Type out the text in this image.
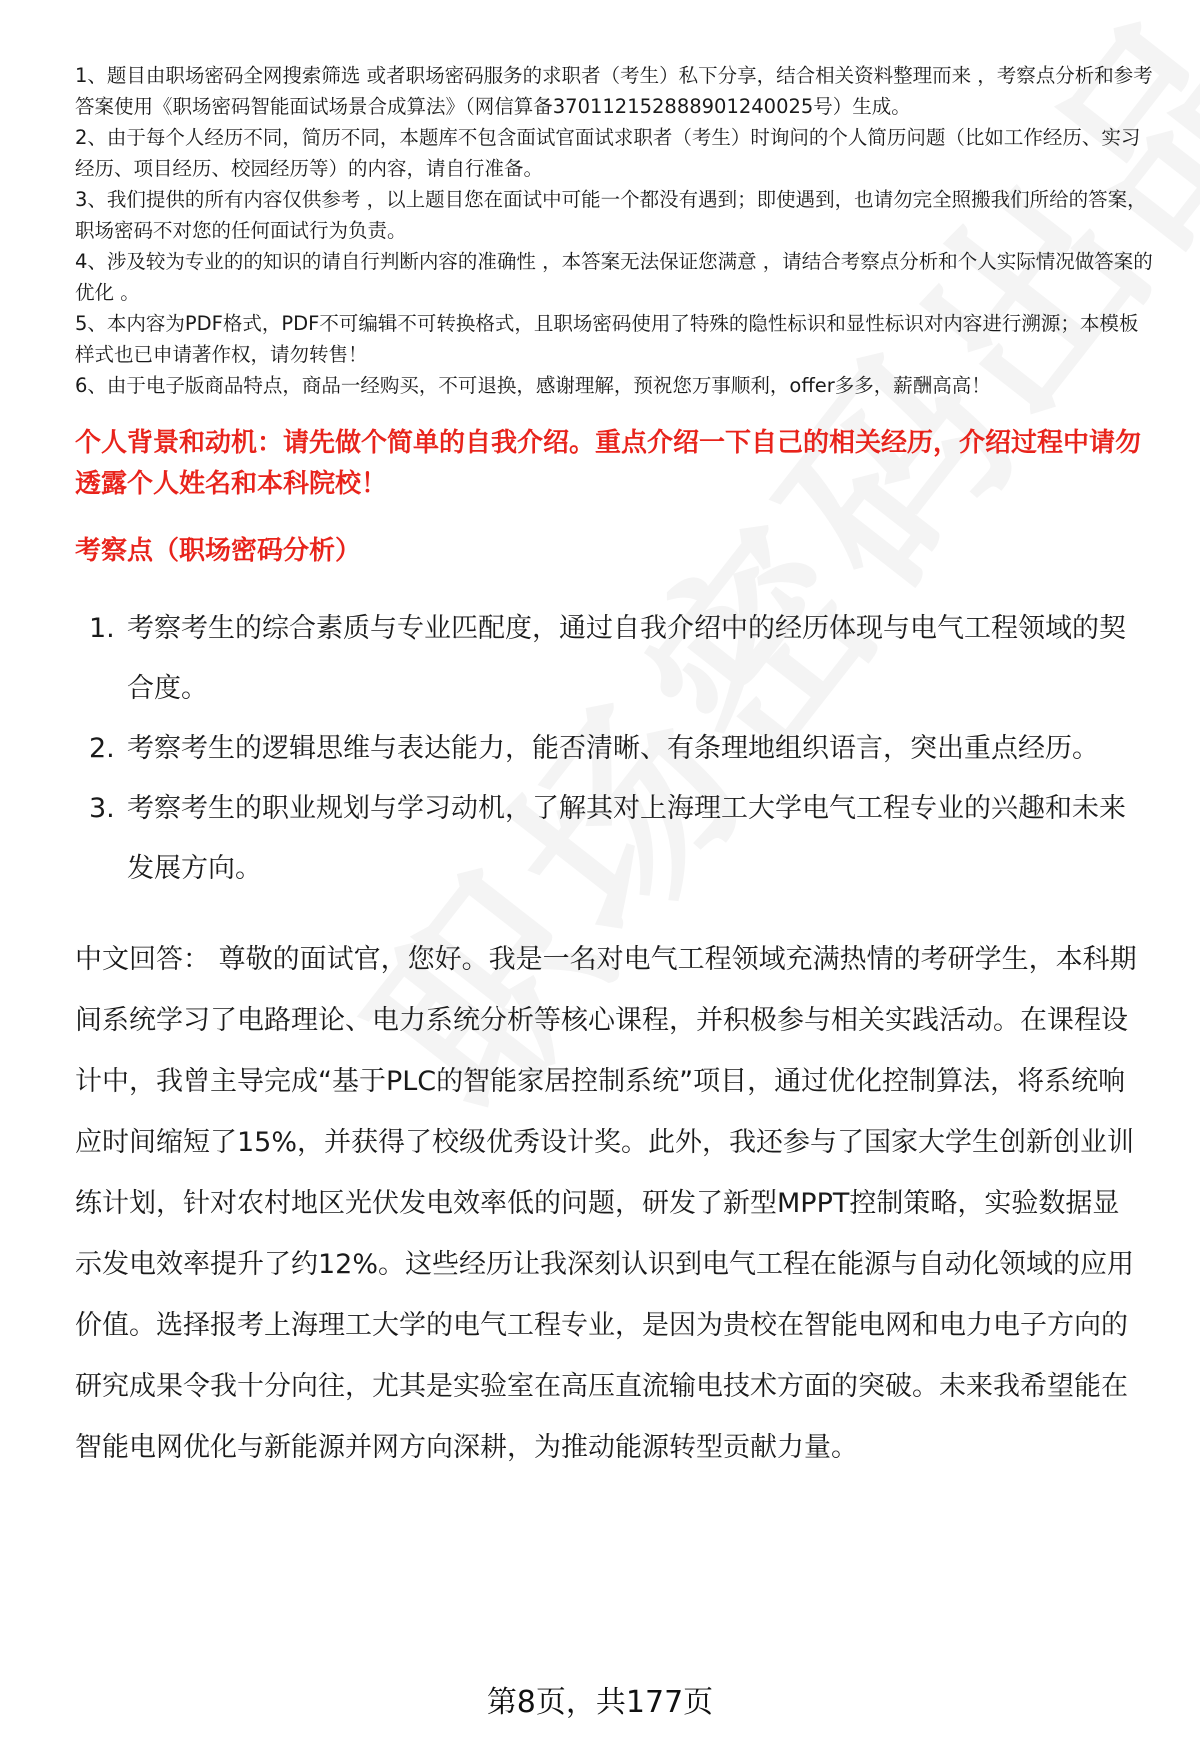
1、题目由职场密码全网搜索筛选 或者职场密码服务的求职者（考生）私下分享，结合相关资料整理而来 ，考察点分析和参考答案使用《职场密码智能面试场景合成算法》（网信算备370112152888901240025号）生成。
2、由于每个人经历不同，简历不同，本题库不包含面试官面试求职者（考生）时询问的个人简历问题（比如工作经历、实习经历、项目经历、校园经历等）的内容，请自行准备。
3、我们提供的所有内容仅供参考 ，以上题目您在面试中可能一个都没有遇到；即使遇到，也请勿完全照搬我们所给的答案，职场密码不对您的任何面试行为负责。
4、涉及较为专业的的知识的请自行判断内容的准确性 ，本答案无法保证您满意 ，请结合考察点分析和个人实际情况做答案的优化 。
5、本内容为PDF格式，PDF不可编辑不可转换格式，且职场密码使用了特殊的隐性标识和显性标识对内容进行溯源；本模板样式也已申请著作权，请勿转售！
6、由于电子版商品特点，商品一经购买，不可退换，感谢理解，预祝您万事顺利，offer多多，薪酬高高！
个人背景和动机：请先做个简单的自我介绍。重点介绍一下自己的相关经历，介绍过程中请勿透露个人姓名和本科院校！
考察点（职场密码分析）
1. 考察考生的综合素质与专业匹配度，通过自我介绍中的经历体现与电气工程领域的契合度。
2. 考察考生的逻辑思维与表达能力，能否清晰、有条理地组织语言，突出重点经历。
3. 考察考生的职业规划与学习动机，了解其对上海理工大学电气工程专业的兴趣和未来发展方向。
中文回答： 尊敬的面试官，您好。我是一名对电气工程领域充满热情的考研学生，本科期间系统学习了电路理论、电力系统分析等核心课程，并积极参与相关实践活动。在课程设计中，我曾主导完成“基于PLC的智能家居控制系统”项目，通过优化控制算法，将系统响应时间缩短了15%，并获得了校级优秀设计奖。此外，我还参与了国家大学生创新创业训练计划，针对农村地区光伏发电效率低的问题，研发了新型MPPT控制策略，实验数据显示发电效率提升了约12%。这些经历让我深刻认识到电气工程在能源与自动化领域的应用价值。选择报考上海理工大学的电气工程专业，是因为贵校在智能电网和电力电子方向的研究成果令我十分向往，尤其是实验室在高压直流输电技术方面的突破。未来我希望能在智能电网优化与新能源并网方向深耕，为推动能源转型贡献力量。
第8页，共177页
